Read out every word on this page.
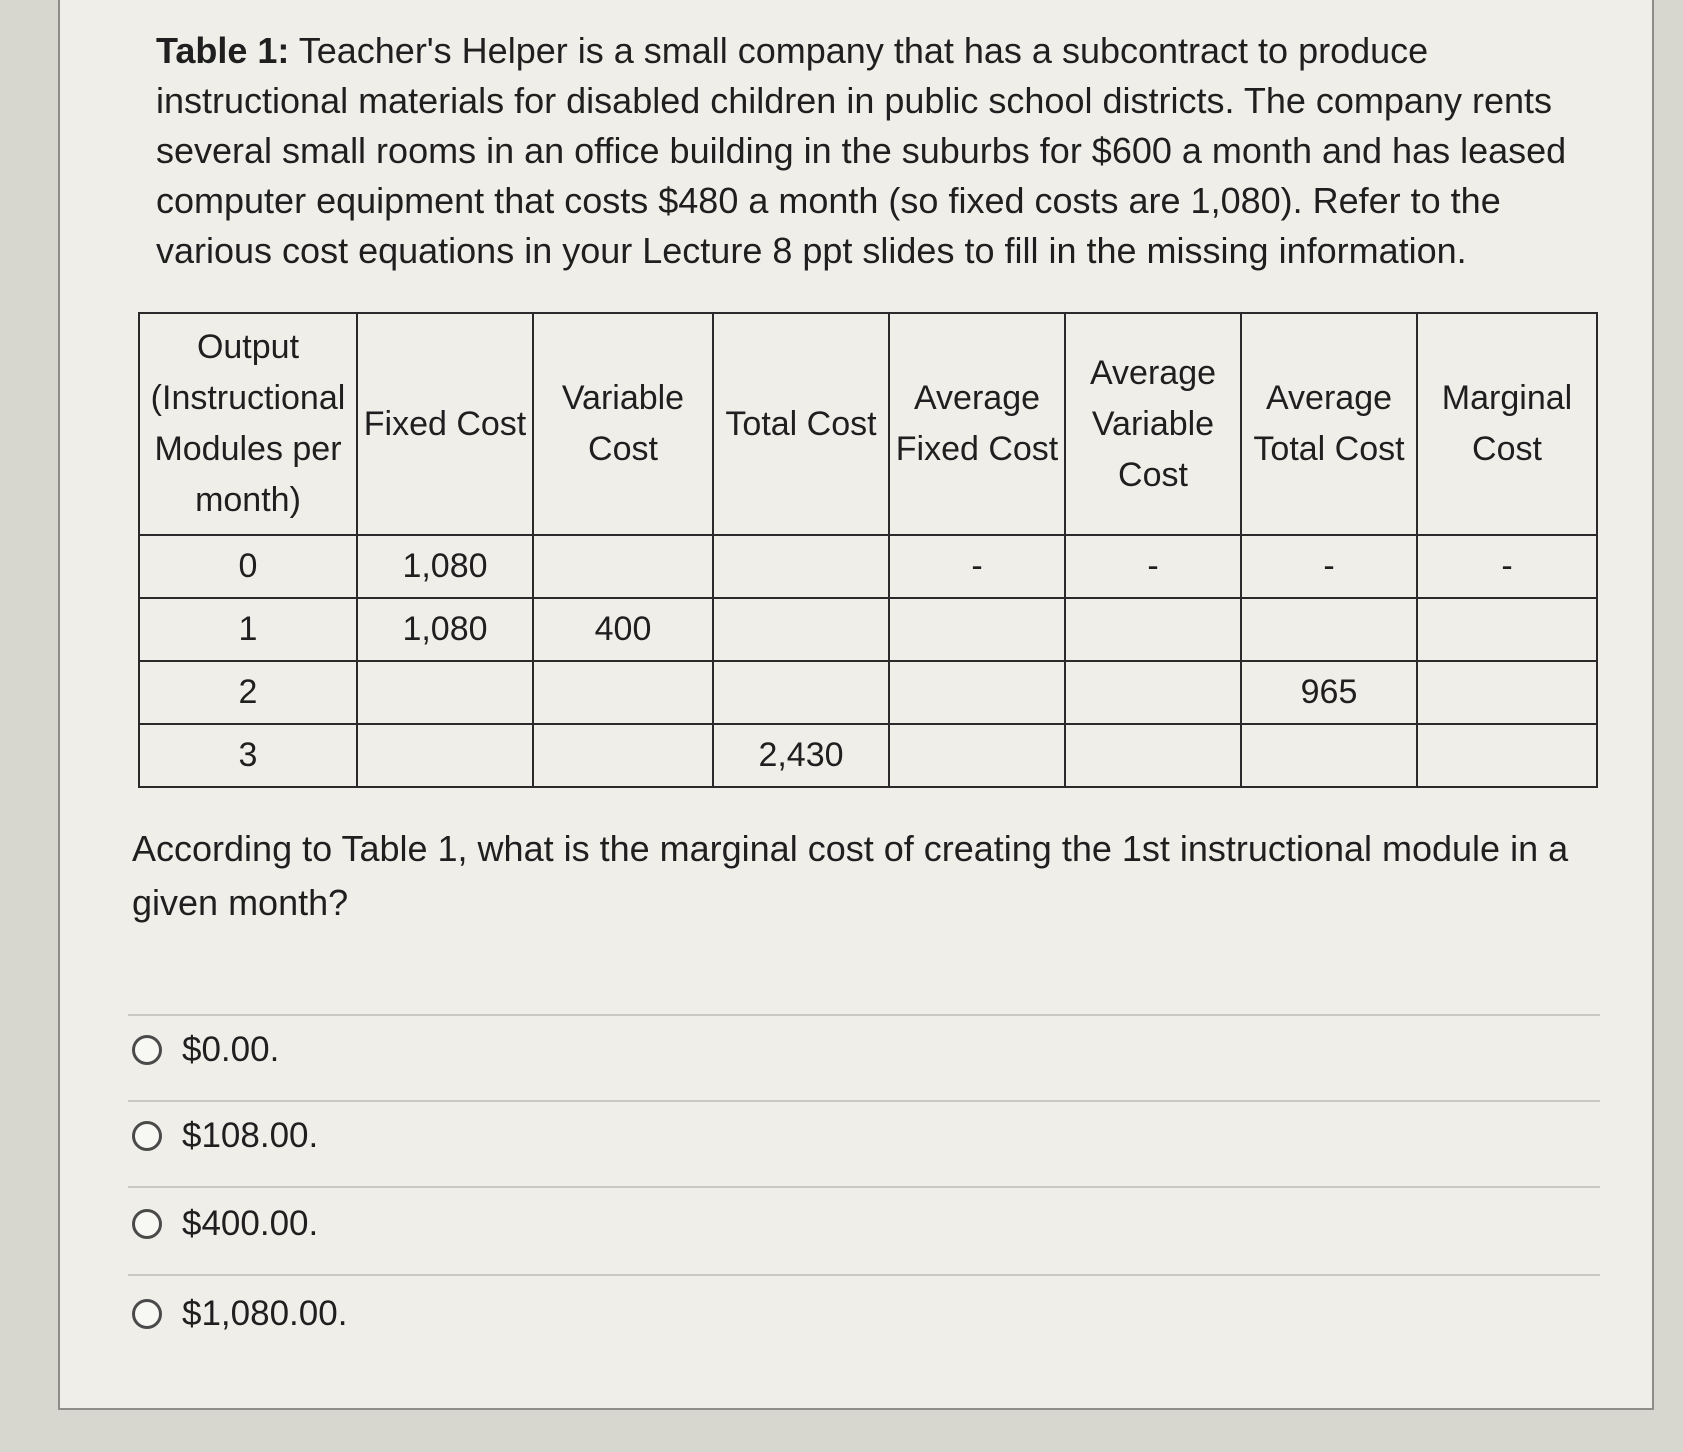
Table 1: Teacher's Helper is a small company that has a subcontract to produce instructional materials for disabled children in public school districts. The company rents several small rooms in an office building in the suburbs for $600 a month and has leased computer equipment that costs $480 a month (so fixed costs are 1,080). Refer to the various cost equations in your Lecture 8 ppt slides to fill in the missing information.

Output (Instructional Modules per month)	Fixed Cost	Variable Cost	Total Cost	Average Fixed Cost	Average Variable Cost	Average Total Cost	Marginal Cost
0	1,080			-	-	-	-
1	1,080	400					
2						965	
3			2,430				

According to Table 1, what is the marginal cost of creating the 1st instructional module in a given month?

$0.00.
$108.00.
$400.00.
$1,080.00.
